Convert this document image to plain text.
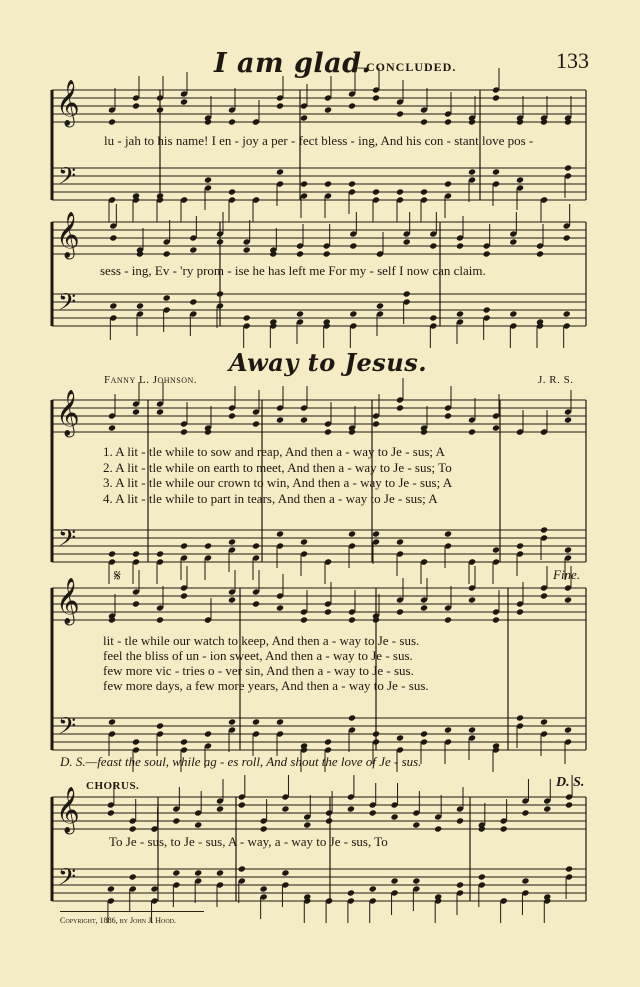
I am glad.
—CONCLUDED.	133
𝄞
𝄢
lu - jah to his name! I en - joy a per - fect bless - ing, And his con - stant love pos -
𝄞
𝄢
sess - ing, Ev - 'ry prom - ise he has left me For my - self I now can claim.
Away to Jesus.
Fanny L. Johnson.	J. R. S.
𝄞
𝄢
1. A lit - tle while to sow and reap, And then a - way to Je - sus; A
2. A lit - tle while on earth to meet, And then a - way to Je - sus; To
3. A lit - tle while our crown to win, And then a - way to Je - sus; A
4. A lit - tle while to part in tears, And then a - way to Je - sus; A
𝄋	Fine.
𝄞
𝄢
lit - tle while our watch to keep, And then a - way to Je - sus.
feel the bliss of un - ion sweet, And then a - way to Je - sus.
few more vic - tries o - ver sin, And then a - way to Je - sus.
few more days, a few more years, And then a - way to Je - sus.
D. S.—feast the soul, while ag - es roll, And shout the love of Je - sus.
CHORUS.	D. S.
𝄞
𝄢
To Je - sus, to Je - sus, A - way, a - way to Je - sus, To
Copyright, 1886, by John J. Hood.
